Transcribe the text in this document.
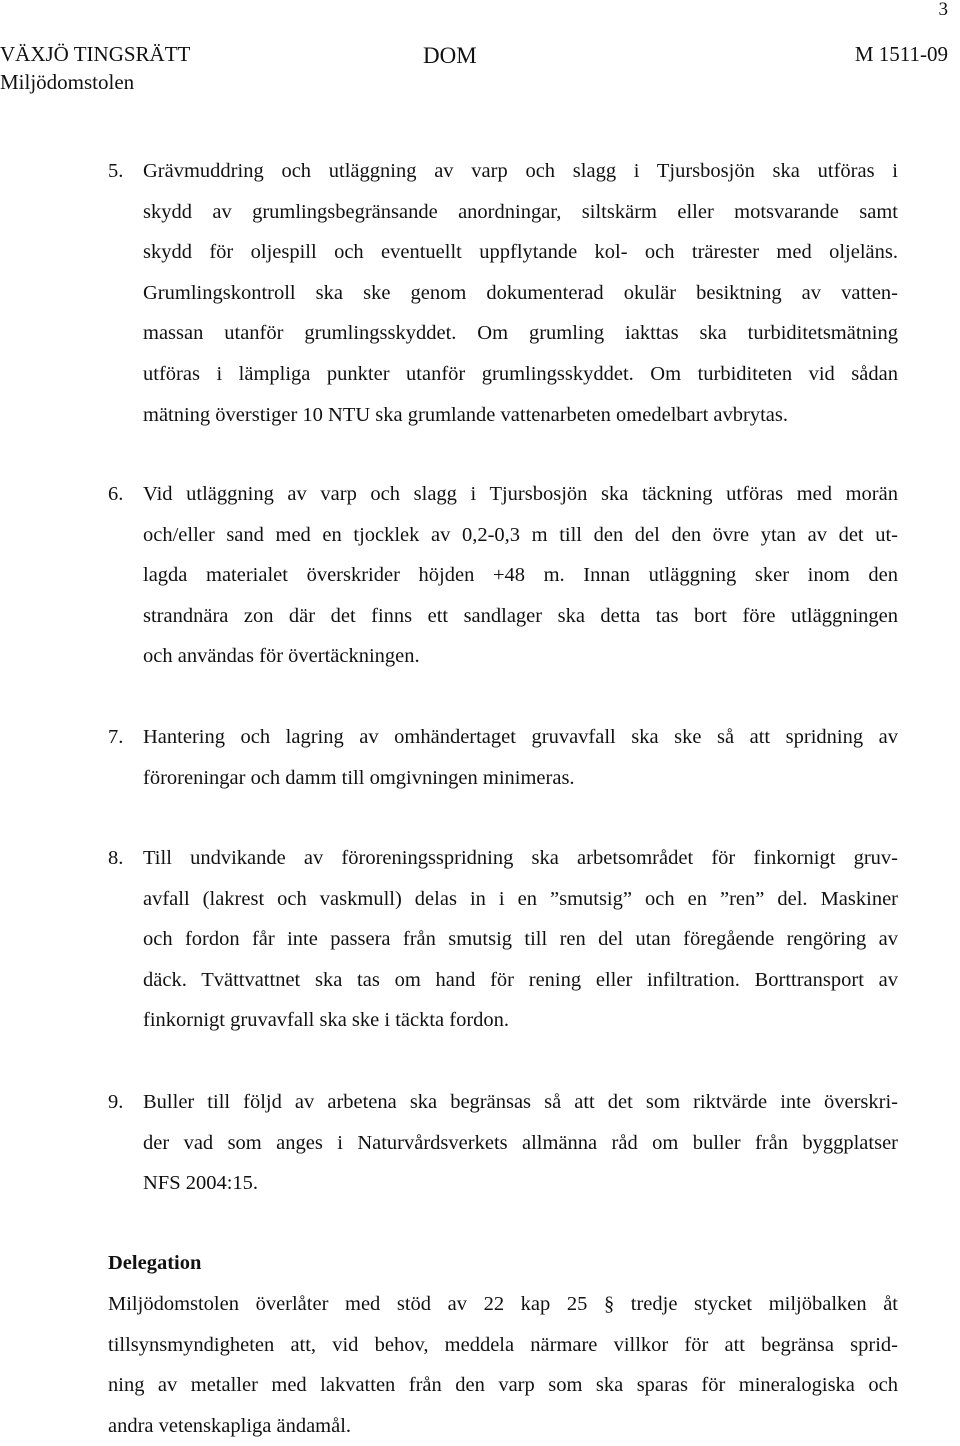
3
VÄXJÖ TINGSRÄTT
Miljödomstolen
DOM	M 1511-09
5. Grävmuddring och utläggning av varp och slagg i Tjursbosjön ska utföras i
skydd av grumlingsbegränsande anordningar, siltskärm eller motsvarande samt
skydd för oljespill och eventuellt uppflytande kol- och trärester med oljeläns.
Grumlingskontroll ska ske genom dokumenterad okulär besiktning av vatten-
massan utanför grumlingsskyddet. Om grumling iakttas ska turbiditetsmätning
utföras i lämpliga punkter utanför grumlingsskyddet. Om turbiditeten vid sådan
mätning överstiger 10 NTU ska grumlande vattenarbeten omedelbart avbrytas.
6. Vid utläggning av varp och slagg i Tjursbosjön ska täckning utföras med morän
och/eller sand med en tjocklek av 0,2-0,3 m till den del den övre ytan av det ut-
lagda materialet överskrider höjden +48 m. Innan utläggning sker inom den
strandnära zon där det finns ett sandlager ska detta tas bort före utläggningen
och användas för övertäckningen.
7. Hantering och lagring av omhändertaget gruvavfall ska ske så att spridning av
föroreningar och damm till omgivningen minimeras.
8. Till undvikande av föroreningsspridning ska arbetsområdet för finkornigt gruv-
avfall (lakrest och vaskmull) delas in i en ”smutsig” och en ”ren” del. Maskiner
och fordon får inte passera från smutsig till ren del utan föregående rengöring av
däck. Tvättvattnet ska tas om hand för rening eller infiltration. Borttransport av
finkornigt gruvavfall ska ske i täckta fordon.
9. Buller till följd av arbetena ska begränsas så att det som riktvärde inte överskri-
der vad som anges i Naturvårdsverkets allmänna råd om buller från byggplatser
NFS 2004:15.
Delegation
Miljödomstolen överlåter med stöd av 22 kap 25 § tredje stycket miljöbalken åt
tillsynsmyndigheten att, vid behov, meddela närmare villkor för att begränsa sprid-
ning av metaller med lakvatten från den varp som ska sparas för mineralogiska och
andra vetenskapliga ändamål.
